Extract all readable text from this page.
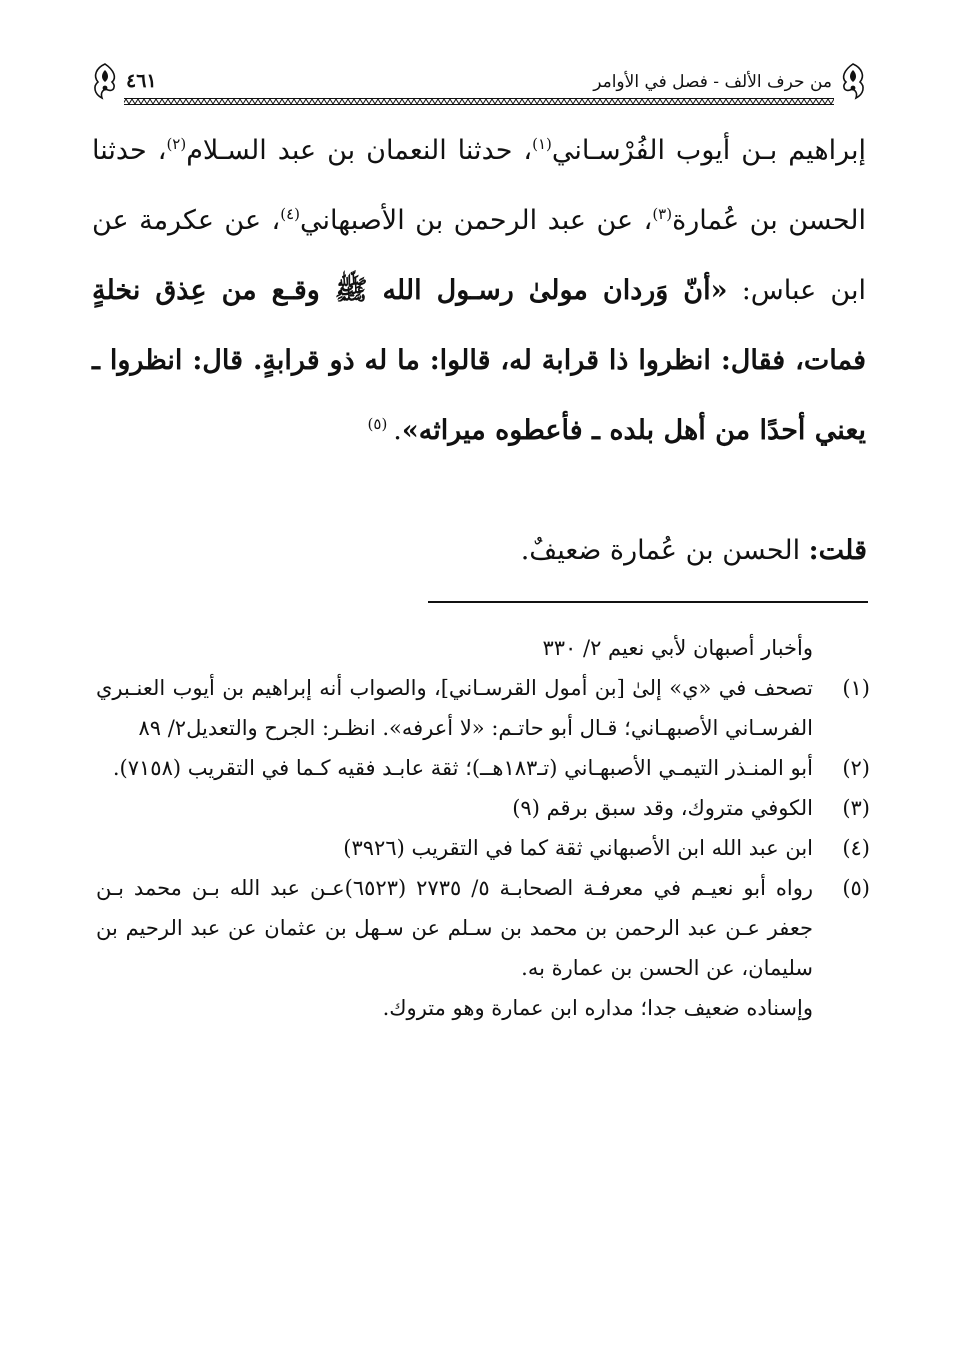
من حرف الألف - فصل في الأوامر
٤٦١

إبراهيم بـن أيوب الفُرْسـاني$^{(١)}$، حدثنا النعمان بن عبد السـلام$^{(٢)}$، حدثنا الحسن بن عُمارة$^{(٣)}$، عن عبد الرحمن بن الأصبهاني$^{(٤)}$، عن عكرمة عن ابن عباس: «أنّ وَردان مولىٰ رسـول الله ﷺ وقـع من عِذق نخلةٍ فمات، فقال: انظروا ذا قرابة له، قالوا: ما له ذو قرابةٍ. قال: انظروا ـ يعني أحدًا من أهل بلده ـ فأعطوه ميراثه».$^{(٥)}$

قلت: الحسن بن عُمارة ضعيفٌ.

وأخبار أصبهان لأبي نعيم ٢/ ٣٣٠

(١)

تصحف في «ي» إلىٰ [بن أمول القرسـاني]، والصواب أنه إبراهيم بن أيوب العنـبري الفرسـاني الأصبهـاني؛ قـال أبو حاتـم: «لا أعرفه». انظـر: الجرح والتعديل٢/ ٨٩

(٢)

أبو المنـذر التيمـي الأصبهـاني (تـ١٨٣هــ)؛ ثقة عابـد فقيه كـما في التقريب (٧١٥٨).

(٣)

الكوفي متروك، وقد سبق برقم (٩)

(٤)

ابن عبد الله ابن الأصبهاني ثقة كما في التقريب (٣٩٢٦)

(٥)

رواه أبو نعيـم في معرفـة الصحابـة ٥/ ٢٧٣٥ (٦٥٢٣)عـن عبد الله بـن محمد بـن جعفر عـن عبد الرحمن بن محمد بن سـلم عن سـهل بن عثمان عن عبد الرحيم بن سليمان، عن الحسن بن عمارة به.

وإسناده ضعيف جدا؛ مداره ابن عمارة وهو متروك.
